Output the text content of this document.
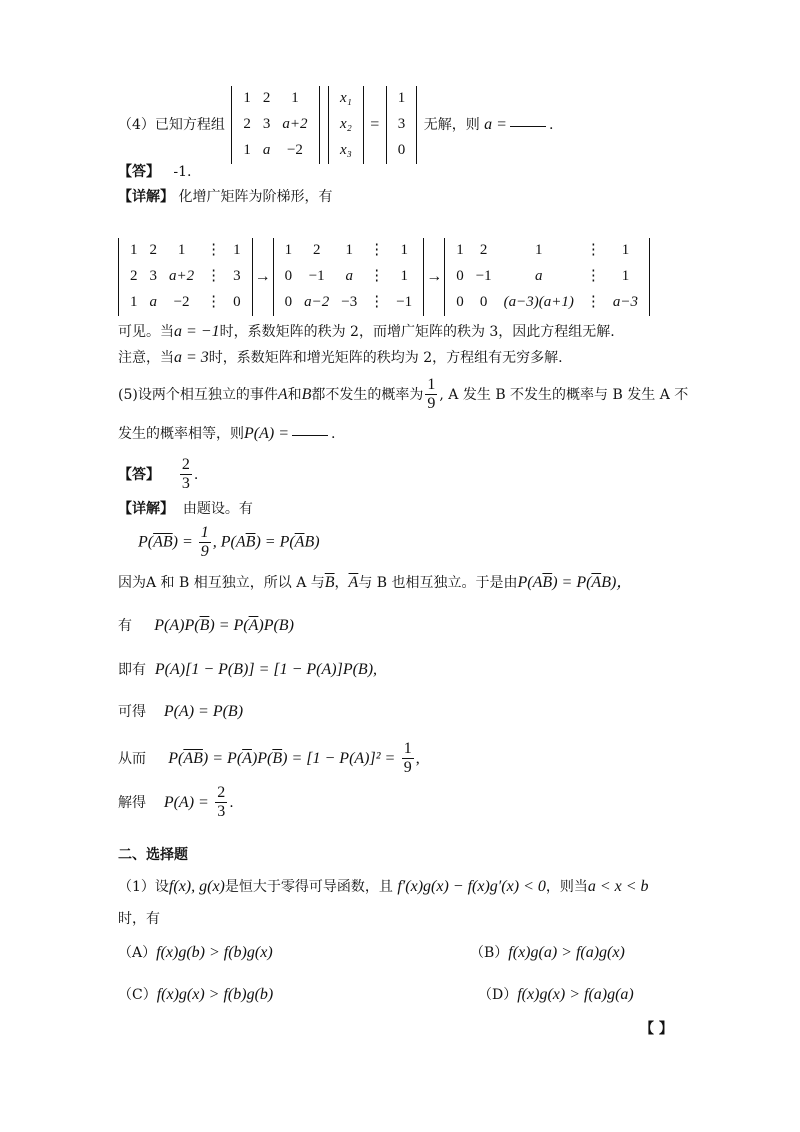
（4）已知方程组
1	2	1
2	3	a+2
1	a	−2

x₁
x₂
x₃
=
1
3
0
无解，则 a =	.
【答】 -1.
【详解】 化增广矩阵为阶梯形，有
1	2	1	⋮	1
2	3	a+2	⋮	3
1	a	−2	⋮	0
→
1	2	1	⋮	1
0	−1	a	⋮	1
0	a−2	−3	⋮	−1
→
1	2	1	⋮	1
0	−1	a	⋮	1
0	0	(a−3)(a+1)	⋮	a−3
可见。当a = −1时，系数矩阵的秩为 2，而增广矩阵的秩为 3，因此方程组无解.
注意，当a = 3时，系数矩阵和增光矩阵的秩均为 2，方程组有无穷多解.
(5)设两个相互独立的事件A和B都不发生的概率为 $\frac{1}{9}$ , A 发生 B 不发生的概率与 B 发生 A 不
发生的概率相等，则P(A) =	.
【答】 $\frac{2}{3}$ .
【详解】 由题设。有
$P(\overline{AB}) = \frac{1}{9}$ , $P(A\overline{B}) = P(\overline{A}B)$
因为A 和 B 相互独立，所以 A 与$\overline{B}$，$\overline{A}$与 B 也相互独立。于是由$P(A\overline{B}) = P(\overline{A}B)$，
有 $P(A)P(\overline{B}) = P(\overline{A})P(B)$
即有 P(A)[1 − P(B)] = [1 − P(A)]P(B),
可得 P(A) = P(B)
从而 $P(\overline{AB}) = P(\overline{A})P(\overline{B}) = [1 - P(A)]^2 = \frac{1}{9}$ ,
解得 $P(A) = \frac{2}{3}$ .
二、选择题
（1）设f(x), g(x)是恒大于零得可导函数，且 f′(x)g(x) − f(x)g′(x) < 0，则当a < x < b
时，有
（A）f(x)g(b) > f(b)g(x)	（B）f(x)g(a) > f(a)g(x)
（C）f(x)g(x) > f(b)g(b)	（D）f(x)g(x) > f(a)g(a)
【 】
